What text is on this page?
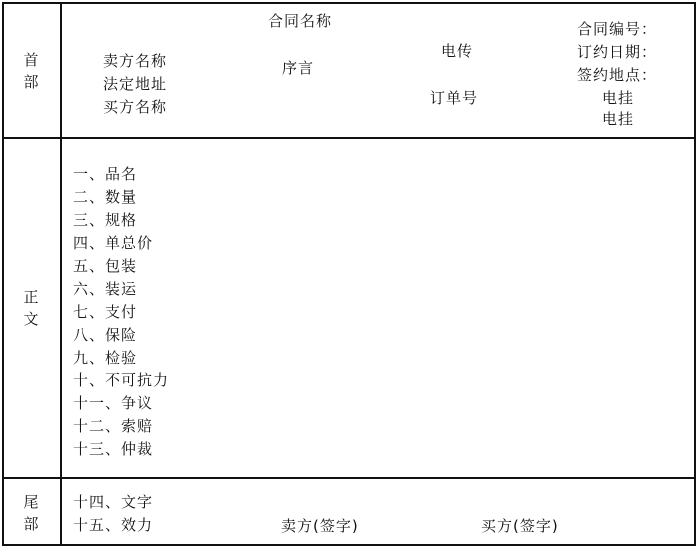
首
部
正
文
尾
部
合同名称
卖方名称
法定地址
买方名称
序言
电传
订单号
合同编号：
订约日期：
签约地点：
电挂
电挂
一、品名
二、数量
三、规格
四、单总价
五、包装
六、装运
七、支付
八、保险
九、检验
十、不可抗力
十一、争议
十二、索赔
十三、仲裁
十四、文字
十五、效力	卖方(签字)	买方(签字)
